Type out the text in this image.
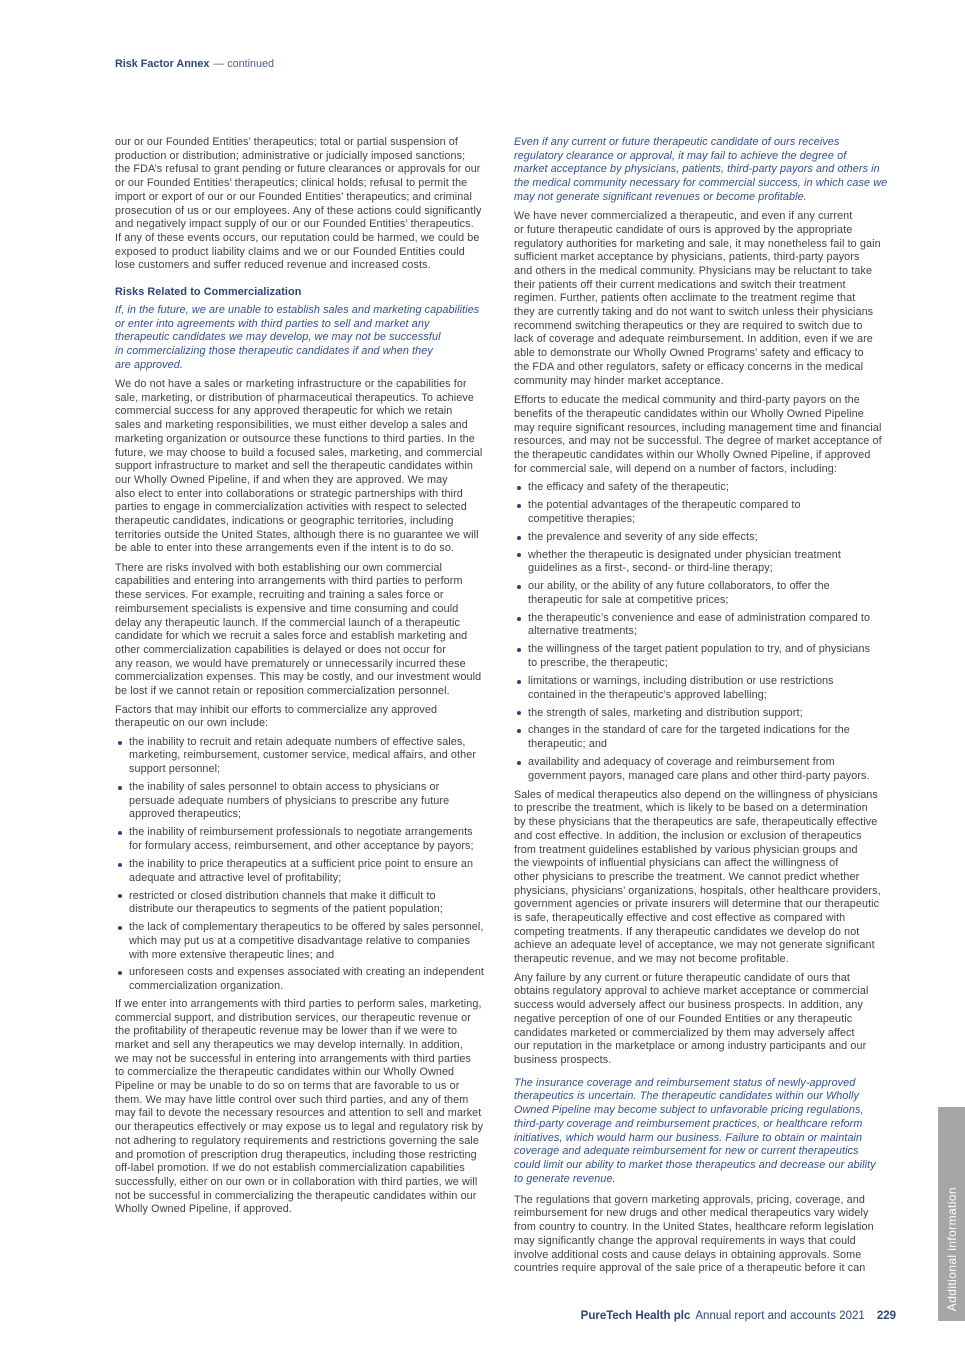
Risk Factor Annex — continued

our or our Founded Entities’ therapeutics; total or partial suspension of
production or distribution; administrative or judicially imposed sanctions;
the FDA’s refusal to grant pending or future clearances or approvals for our
or our Founded Entities’ therapeutics; clinical holds; refusal to permit the
import or export of our or our Founded Entities’ therapeutics; and criminal
prosecution of us or our employees. Any of these actions could significantly
and negatively impact supply of our or our Founded Entities’ therapeutics.
If any of these events occurs, our reputation could be harmed, we could be
exposed to product liability claims and we or our Founded Entities could
lose customers and suffer reduced revenue and increased costs.

Risks Related to Commercialization

If, in the future, we are unable to establish sales and marketing capabilities
or enter into agreements with third parties to sell and market any
therapeutic candidates we may develop, we may not be successful
in commercializing those therapeutic candidates if and when they
are approved.

We do not have a sales or marketing infrastructure or the capabilities for
sale, marketing, or distribution of pharmaceutical therapeutics. To achieve
commercial success for any approved therapeutic for which we retain
sales and marketing responsibilities, we must either develop a sales and
marketing organization or outsource these functions to third parties. In the
future, we may choose to build a focused sales, marketing, and commercial
support infrastructure to market and sell the therapeutic candidates within
our Wholly Owned Pipeline, if and when they are approved. We may
also elect to enter into collaborations or strategic partnerships with third
parties to engage in commercialization activities with respect to selected
therapeutic candidates, indications or geographic territories, including
territories outside the United States, although there is no guarantee we will
be able to enter into these arrangements even if the intent is to do so.

There are risks involved with both establishing our own commercial
capabilities and entering into arrangements with third parties to perform
these services. For example, recruiting and training a sales force or
reimbursement specialists is expensive and time consuming and could
delay any therapeutic launch. If the commercial launch of a therapeutic
candidate for which we recruit a sales force and establish marketing and
other commercialization capabilities is delayed or does not occur for
any reason, we would have prematurely or unnecessarily incurred these
commercialization expenses. This may be costly, and our investment would
be lost if we cannot retain or reposition commercialization personnel.

Factors that may inhibit our efforts to commercialize any approved
therapeutic on our own include:

the inability to recruit and retain adequate numbers of effective sales,
marketing, reimbursement, customer service, medical affairs, and other
support personnel;
the inability of sales personnel to obtain access to physicians or
persuade adequate numbers of physicians to prescribe any future
approved therapeutics;
the inability of reimbursement professionals to negotiate arrangements
for formulary access, reimbursement, and other acceptance by payors;
the inability to price therapeutics at a sufficient price point to ensure an
adequate and attractive level of profitability;
restricted or closed distribution channels that make it difficult to
distribute our therapeutics to segments of the patient population;
the lack of complementary therapeutics to be offered by sales personnel,
which may put us at a competitive disadvantage relative to companies
with more extensive therapeutic lines; and
unforeseen costs and expenses associated with creating an independent
commercialization organization.

If we enter into arrangements with third parties to perform sales, marketing,
commercial support, and distribution services, our therapeutic revenue or
the profitability of therapeutic revenue may be lower than if we were to
market and sell any therapeutics we may develop internally. In addition,
we may not be successful in entering into arrangements with third parties
to commercialize the therapeutic candidates within our Wholly Owned
Pipeline or may be unable to do so on terms that are favorable to us or
them. We may have little control over such third parties, and any of them
may fail to devote the necessary resources and attention to sell and market
our therapeutics effectively or may expose us to legal and regulatory risk by
not adhering to regulatory requirements and restrictions governing the sale
and promotion of prescription drug therapeutics, including those restricting
off-label promotion. If we do not establish commercialization capabilities
successfully, either on our own or in collaboration with third parties, we will
not be successful in commercializing the therapeutic candidates within our
Wholly Owned Pipeline, if approved.

Even if any current or future therapeutic candidate of ours receives
regulatory clearance or approval, it may fail to achieve the degree of
market acceptance by physicians, patients, third-party payors and others in
the medical community necessary for commercial success, in which case we
may not generate significant revenues or become profitable.

We have never commercialized a therapeutic, and even if any current
or future therapeutic candidate of ours is approved by the appropriate
regulatory authorities for marketing and sale, it may nonetheless fail to gain
sufficient market acceptance by physicians, patients, third-party payors
and others in the medical community. Physicians may be reluctant to take
their patients off their current medications and switch their treatment
regimen. Further, patients often acclimate to the treatment regime that
they are currently taking and do not want to switch unless their physicians
recommend switching therapeutics or they are required to switch due to
lack of coverage and adequate reimbursement. In addition, even if we are
able to demonstrate our Wholly Owned Programs’ safety and efficacy to
the FDA and other regulators, safety or efficacy concerns in the medical
community may hinder market acceptance.

Efforts to educate the medical community and third-party payors on the
benefits of the therapeutic candidates within our Wholly Owned Pipeline
may require significant resources, including management time and financial
resources, and may not be successful. The degree of market acceptance of
the therapeutic candidates within our Wholly Owned Pipeline, if approved
for commercial sale, will depend on a number of factors, including:

the efficacy and safety of the therapeutic;
the potential advantages of the therapeutic compared to
competitive therapies;
the prevalence and severity of any side effects;
whether the therapeutic is designated under physician treatment
guidelines as a first-, second- or third-line therapy;
our ability, or the ability of any future collaborators, to offer the
therapeutic for sale at competitive prices;
the therapeutic’s convenience and ease of administration compared to
alternative treatments;
the willingness of the target patient population to try, and of physicians
to prescribe, the therapeutic;
limitations or warnings, including distribution or use restrictions
contained in the therapeutic’s approved labelling;
the strength of sales, marketing and distribution support;
changes in the standard of care for the targeted indications for the
therapeutic; and
availability and adequacy of coverage and reimbursement from
government payors, managed care plans and other third-party payors.

Sales of medical therapeutics also depend on the willingness of physicians
to prescribe the treatment, which is likely to be based on a determination
by these physicians that the therapeutics are safe, therapeutically effective
and cost effective. In addition, the inclusion or exclusion of therapeutics
from treatment guidelines established by various physician groups and
the viewpoints of influential physicians can affect the willingness of
other physicians to prescribe the treatment. We cannot predict whether
physicians, physicians’ organizations, hospitals, other healthcare providers,
government agencies or private insurers will determine that our therapeutic
is safe, therapeutically effective and cost effective as compared with
competing treatments. If any therapeutic candidates we develop do not
achieve an adequate level of acceptance, we may not generate significant
therapeutic revenue, and we may not become profitable.

Any failure by any current or future therapeutic candidate of ours that
obtains regulatory approval to achieve market acceptance or commercial
success would adversely affect our business prospects. In addition, any
negative perception of one of our Founded Entities or any therapeutic
candidates marketed or commercialized by them may adversely affect
our reputation in the marketplace or among industry participants and our
business prospects.

The insurance coverage and reimbursement status of newly-approved
therapeutics is uncertain. The therapeutic candidates within our Wholly
Owned Pipeline may become subject to unfavorable pricing regulations,
third-party coverage and reimbursement practices, or healthcare reform
initiatives, which would harm our business. Failure to obtain or maintain
coverage and adequate reimbursement for new or current therapeutics
could limit our ability to market those therapeutics and decrease our ability
to generate revenue.

The regulations that govern marketing approvals, pricing, coverage, and
reimbursement for new drugs and other medical therapeutics vary widely
from country to country. In the United States, healthcare reform legislation
may significantly change the approval requirements in ways that could
involve additional costs and cause delays in obtaining approvals. Some
countries require approval of the sale price of a therapeutic before it can

PureTech Health plc Annual report and accounts 2021 229
Additional information
